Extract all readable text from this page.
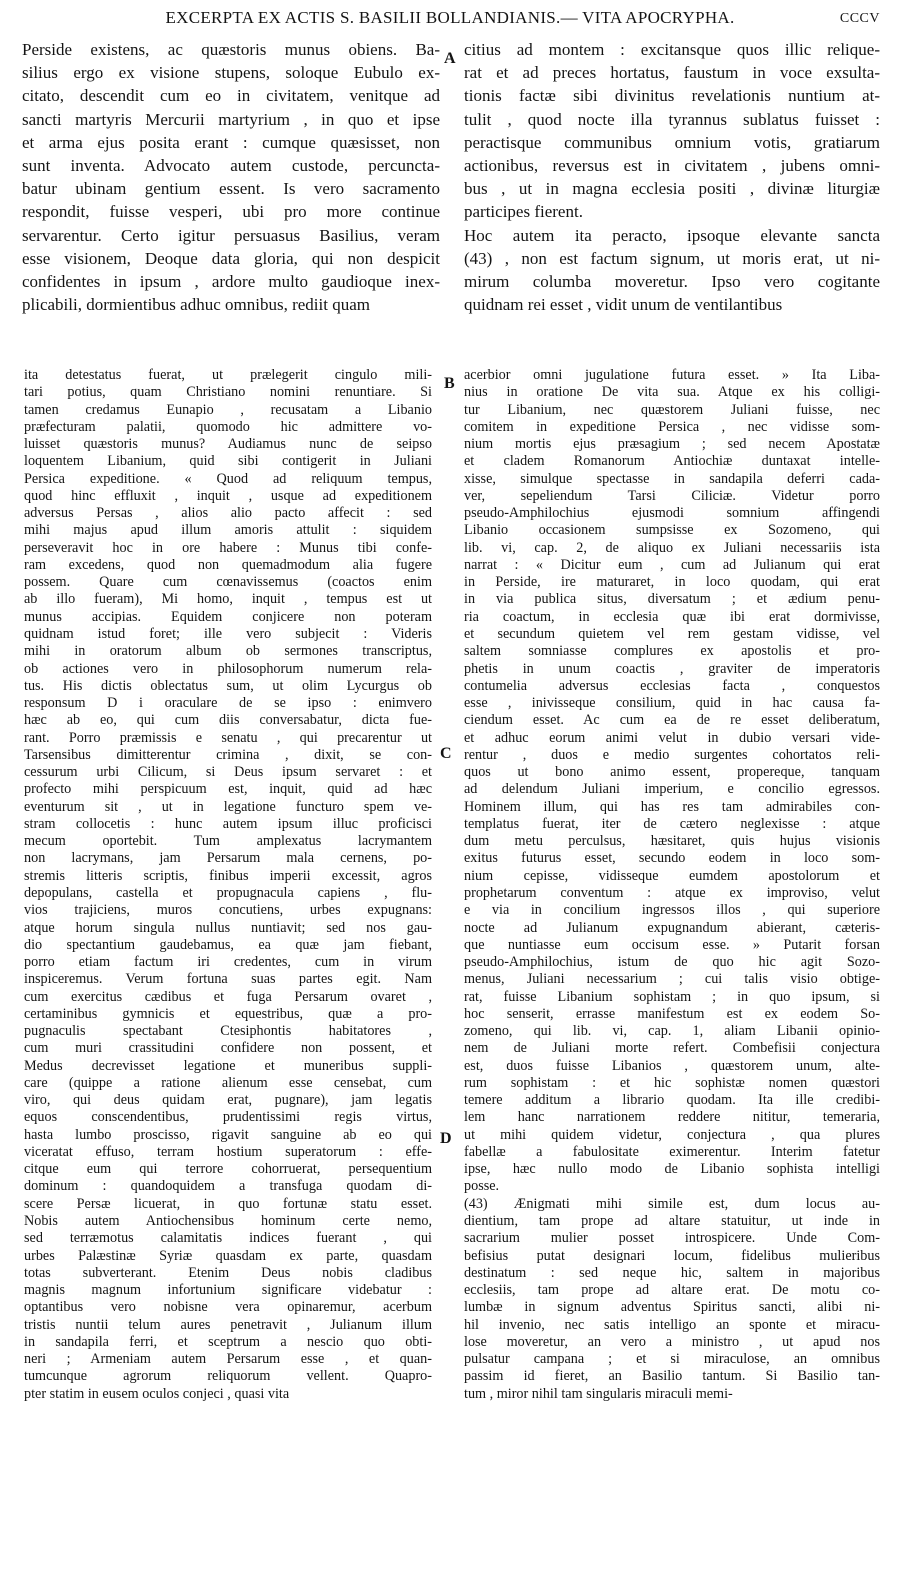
EXCERPTA EX ACTIS S. BASILII BOLLANDIANIS.— VITA APOCRYPHA.	CCCV
Perside existens, ac quæstoris munus obiens. Ba-
silius ergo ex visione stupens, soloque Eubulo ex-
citato, descendit cum eo in civitatem, venitque ad
sancti martyris Mercurii martyrium , in quo et ipse
et arma ejus posita erant : cumque quæsisset, non
sunt inventa. Advocato autem custode, percuncta-
batur ubinam gentium essent. Is vero sacramento
respondit, fuisse vesperi, ubi pro more continue
servarentur. Certo igitur persuasus Basilius, veram
esse visionem, Deoque data gloria, qui non despicit
confidentes in ipsum , ardore multo gaudioque inex-
plicabili, dormientibus adhuc omnibus, rediit quam
citius ad montem : excitansque quos illic relique-
rat et ad preces hortatus, faustum in voce exsulta-
tionis factæ sibi divinitus revelationis nuntium at-
tulit , quod nocte illa tyrannus sublatus fuisset :
peractisque communibus omnium votis, gratiarum
actionibus, reversus est in civitatem , jubens omni-
bus , ut in magna ecclesia positi , divinæ liturgiæ
participes fierent.
Hoc autem ita peracto, ipsoque elevante sancta
(43) , non est factum signum, ut moris erat, ut ni-
mirum columba moveretur. Ipso vero cogitante
quidnam rei esset , vidit unum de ventilantibus
ita detestatus fuerat, ut prælegerit cingulo mili-
tari potius, quam Christiano nomini renuntiare. Si
tamen credamus Eunapio , recusatam a Libanio
præfecturam palatii, quomodo hic admittere vo-
luisset quæstoris munus? Audiamus nunc de seipso
loquentem Libanium, quid sibi contigerit in Juliani
Persica expeditione. « Quod ad reliquum tempus,
quod hinc effluxit , inquit , usque ad expeditionem
adversus Persas , alios alio pacto affecit : sed
mihi majus apud illum amoris attulit : siquidem
perseveravit hoc in ore habere : Munus tibi confe-
ram excedens, quod non quemadmodum alia fugere
possem. Quare cum cœnavissemus (coactos enim
ab illo fueram), Mi homo, inquit , tempus est ut
munus accipias. Equidem conjicere non poteram
quidnam istud foret; ille vero subjecit : Videris
mihi in oratorum album ob sermones transcriptus,
ob actiones vero in philosophorum numerum rela-
tus. His dictis oblectatus sum, ut olim Lycurgus ob
responsum D i oraculare de se ipso : enimvero
hæc ab eo, qui cum diis conversabatur, dicta fue-
rant. Porro præmissis e senatu , qui precarentur ut
Tarsensibus dimitterentur crimina , dixit, se con-
cessurum urbi Cilicum, si Deus ipsum servaret : et
profecto mihi perspicuum est, inquit, quid ad hæc
eventurum sit , ut in legatione functuro spem ve-
stram collocetis : hunc autem ipsum illuc proficisci
mecum oportebit. Tum amplexatus lacrymantem
non lacrymans, jam Persarum mala cernens, po-
stremis litteris scriptis, finibus imperii excessit, agros
depopulans, castella et propugnacula capiens , flu-
vios trajiciens, muros concutiens, urbes expugnans:
atque horum singula nullus nuntiavit; sed nos gau-
dio spectantium gaudebamus, ea quæ jam fiebant,
porro etiam factum iri credentes, cum in virum
inspiceremus. Verum fortuna suas partes egit. Nam
cum exercitus cædibus et fuga Persarum ovaret ,
certaminibus gymnicis et equestribus, quæ a pro-
pugnaculis spectabant Ctesiphontis habitatores ,
cum muri crassitudini confidere non possent, et
Medus decrevisset legatione et muneribus suppli-
care (quippe a ratione alienum esse censebat, cum
viro, qui deus quidam erat, pugnare), jam legatis
equos conscendentibus, prudentissimi regis virtus,
hasta lumbo proscisso, rigavit sanguine ab eo qui
viceratat effuso, terram hostium superatorum : effe-
citque eum qui terrore cohorruerat, persequentium
dominum : quandoquidem a transfuga quodam di-
scere Persæ licuerat, in quo fortunæ statu esset.
Nobis autem Antiochensibus hominum certe nemo,
sed terræmotus calamitatis indices fuerant , qui
urbes Palæstinæ Syriæ quasdam ex parte, quasdam
totas subverterant. Etenim Deus nobis cladibus
magnis magnum infortunium significare videbatur :
optantibus vero nobisne vera opinaremur, acerbum
tristis nuntii telum aures penetravit , Julianum illum
in sandapila ferri, et sceptrum a nescio quo obti-
neri ; Armeniam autem Persarum esse , et quan-
tumcunque agrorum reliquorum vellent. Quapro-
pter statim in eusem oculos conjeci , quasi vita
acerbior omni jugulatione futura esset. » Ita Liba-
nius in oratione De vita sua. Atque ex his colligi-
tur Libanium, nec quæstorem Juliani fuisse, nec
comitem in expeditione Persica , nec vidisse som-
nium mortis ejus præsagium ; sed necem Apostatæ
et cladem Romanorum Antiochiæ duntaxat intelle-
xisse, simulque spectasse in sandapila deferri cada-
ver, sepeliendum Tarsi Ciliciæ. Videtur porro
pseudo-Amphilochius ejusmodi somnium affingendi
Libanio occasionem sumpsisse ex Sozomeno, qui
lib. vi, cap. 2, de aliquo ex Juliani necessariis ista
narrat : « Dicitur eum , cum ad Julianum qui erat
in Perside, ire maturaret, in loco quodam, qui erat
in via publica situs, diversatum ; et ædium penu-
ria coactum, in ecclesia quæ ibi erat dormivisse,
et secundum quietem vel rem gestam vidisse, vel
saltem somniasse complures ex apostolis et pro-
phetis in unum coactis , graviter de imperatoris
contumelia adversus ecclesias facta , conquestos
esse , inivisseque consilium, quid in hac causa fa-
ciendum esset. Ac cum ea de re esset deliberatum,
et adhuc eorum animi velut in dubio versari vide-
rentur , duos e medio surgentes cohortatos reli-
quos ut bono animo essent, propereque, tanquam
ad delendum Juliani imperium, e concilio egressos.
Hominem illum, qui has res tam admirabiles con-
templatus fuerat, iter de cætero neglexisse : atque
dum metu perculsus, hæsitaret, quis hujus visionis
exitus futurus esset, secundo eodem in loco som-
nium cepisse, vidisseque eumdem apostolorum et
prophetarum conventum : atque ex improviso, velut
e via in concilium ingressos illos , qui superiore
nocte ad Julianum expugnandum abierant, cæteris-
que nuntiasse eum occisum esse. » Putarit forsan
pseudo-Amphilochius, istum de quo hic agit Sozo-
menus, Juliani necessarium ; cui talis visio obtige-
rat, fuisse Libanium sophistam ; in quo ipsum, si
hoc senserit, errasse manifestum est ex eodem So-
zomeno, qui lib. vi, cap. 1, aliam Libanii opinio-
nem de Juliani morte refert. Combefisii conjectura
est, duos fuisse Libanios , quæstorem unum, alte-
rum sophistam : et hic sophistæ nomen quæstori
temere additum a librario quodam. Ita ille credibi-
lem hanc narrationem reddere nititur, temeraria,
ut mihi quidem videtur, conjectura , qua plures
fabellæ a fabulositate eximerentur. Interim fatetur
ipse, hæc nullo modo de Libanio sophista intelligi
posse.
(43) Ænigmati mihi simile est, dum locus au-
dientium, tam prope ad altare statuitur, ut inde in
sacrarium mulier posset introspicere. Unde Com-
befisius putat designari locum, fidelibus mulieribus
destinatum : sed neque hic, saltem in majoribus
ecclesiis, tam prope ad altare erat. De motu co-
lumbæ in signum adventus Spiritus sancti, alibi ni-
hil invenio, nec satis intelligo an sponte et miracu-
lose moveretur, an vero a ministro , ut apud nos
pulsatur campana ; et si miraculose, an omnibus
passim id fieret, an Basilio tantum. Si Basilio tan-
tum , miror nihil tam singularis miraculi memi-
A
B
C
D
